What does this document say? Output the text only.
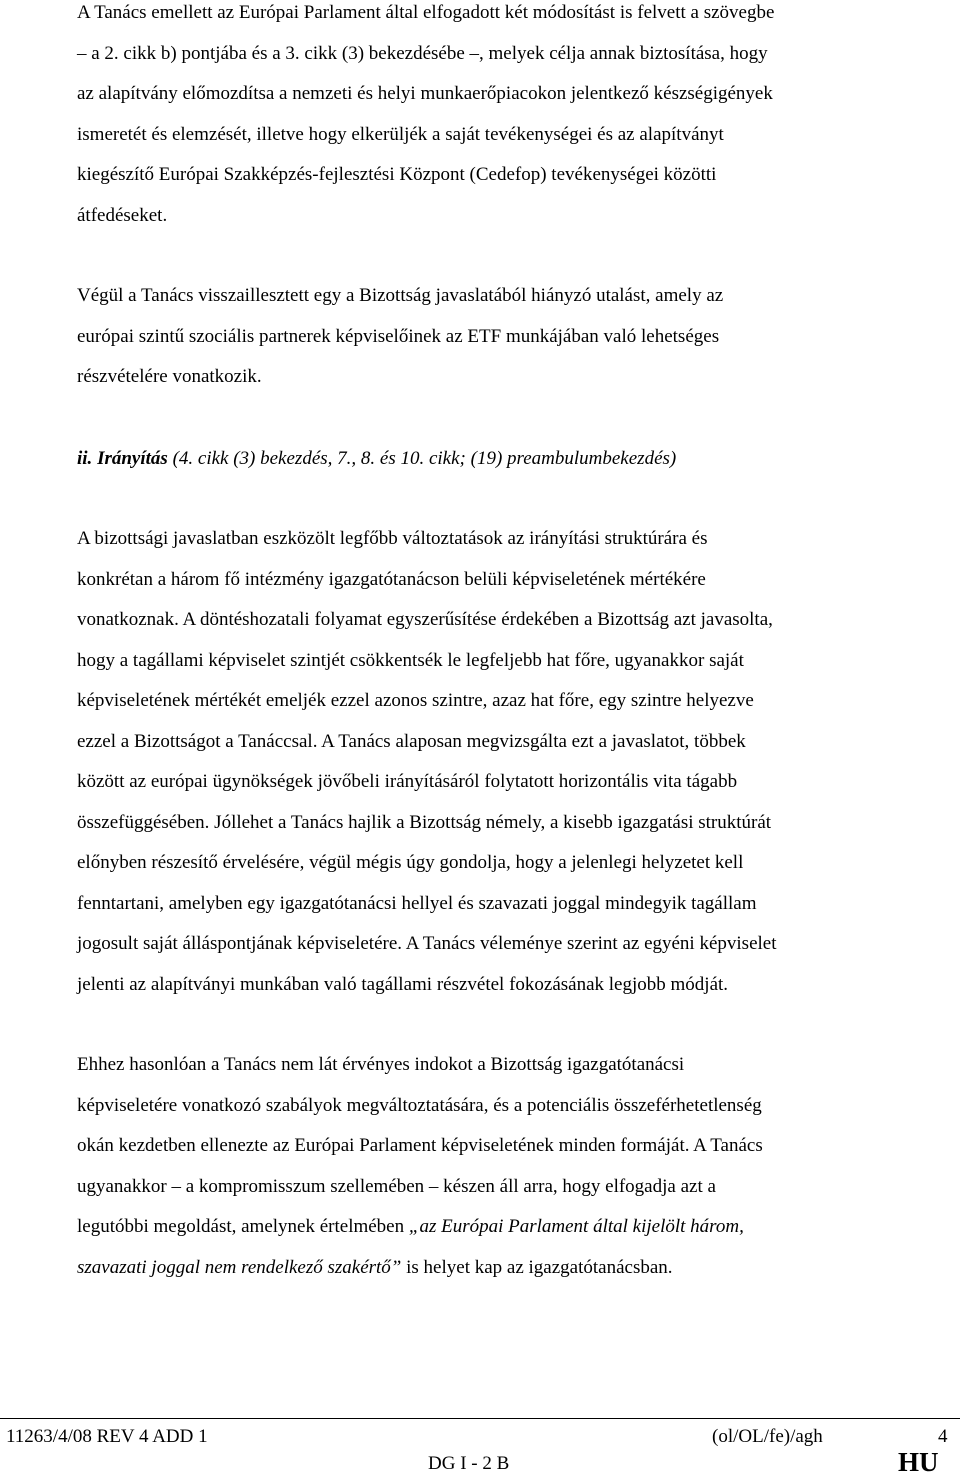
A Tanács emellett az Európai Parlament által elfogadott két módosítást is felvett a szövegbe
– a 2. cikk b) pontjába és a 3. cikk (3) bekezdésébe –, melyek célja annak biztosítása, hogy
az alapítvány előmozdítsa a nemzeti és helyi munkaerőpiacokon jelentkező készségigények
ismeretét és elemzését, illetve hogy elkerüljék a saját tevékenységei és az alapítványt
kiegészítő Európai Szakképzés-fejlesztési Központ (Cedefop) tevékenységei közötti
átfedéseket.

Végül a Tanács visszaillesztett egy a Bizottság javaslatából hiányzó utalást, amely az
európai szintű szociális partnerek képviselőinek az ETF munkájában való lehetséges
részvételére vonatkozik.

ii. Irányítás (4. cikk (3) bekezdés, 7., 8. és 10. cikk; (19) preambulumbekezdés)

A bizottsági javaslatban eszközölt legfőbb változtatások az irányítási struktúrára és
konkrétan a három fő intézmény igazgatótanácson belüli képviseletének mértékére
vonatkoznak. A döntéshozatali folyamat egyszerűsítése érdekében a Bizottság azt javasolta,
hogy a tagállami képviselet szintjét csökkentsék le legfeljebb hat főre, ugyanakkor saját
képviseletének mértékét emeljék ezzel azonos szintre, azaz hat főre, egy szintre helyezve
ezzel a Bizottságot a Tanáccsal. A Tanács alaposan megvizsgálta ezt a javaslatot, többek
között az európai ügynökségek jövőbeli irányításáról folytatott horizontális vita tágabb
összefüggésében. Jóllehet a Tanács hajlik a Bizottság némely, a kisebb igazgatási struktúrát
előnyben részesítő érvelésére, végül mégis úgy gondolja, hogy a jelenlegi helyzetet kell
fenntartani, amelyben egy igazgatótanácsi hellyel és szavazati joggal mindegyik tagállam
jogosult saját álláspontjának képviseletére. A Tanács véleménye szerint az egyéni képviselet
jelenti az alapítványi munkában való tagállami részvétel fokozásának legjobb módját.

Ehhez hasonlóan a Tanács nem lát érvényes indokot a Bizottság igazgatótanácsi
képviseletére vonatkozó szabályok megváltoztatására, és a potenciális összeférhetetlenség
okán kezdetben ellenezte az Európai Parlament képviseletének minden formáját. A Tanács
ugyanakkor – a kompromisszum szellemében – készen áll arra, hogy elfogadja azt a
legutóbbi megoldást, amelynek értelmében „az Európai Parlament által kijelölt három,
szavazati joggal nem rendelkező szakértő” is helyet kap az igazgatótanácsban.

11263/4/08 REV 4 ADD 1	(ol/OL/fe)/agh	4
DG I - 2 B	HU
